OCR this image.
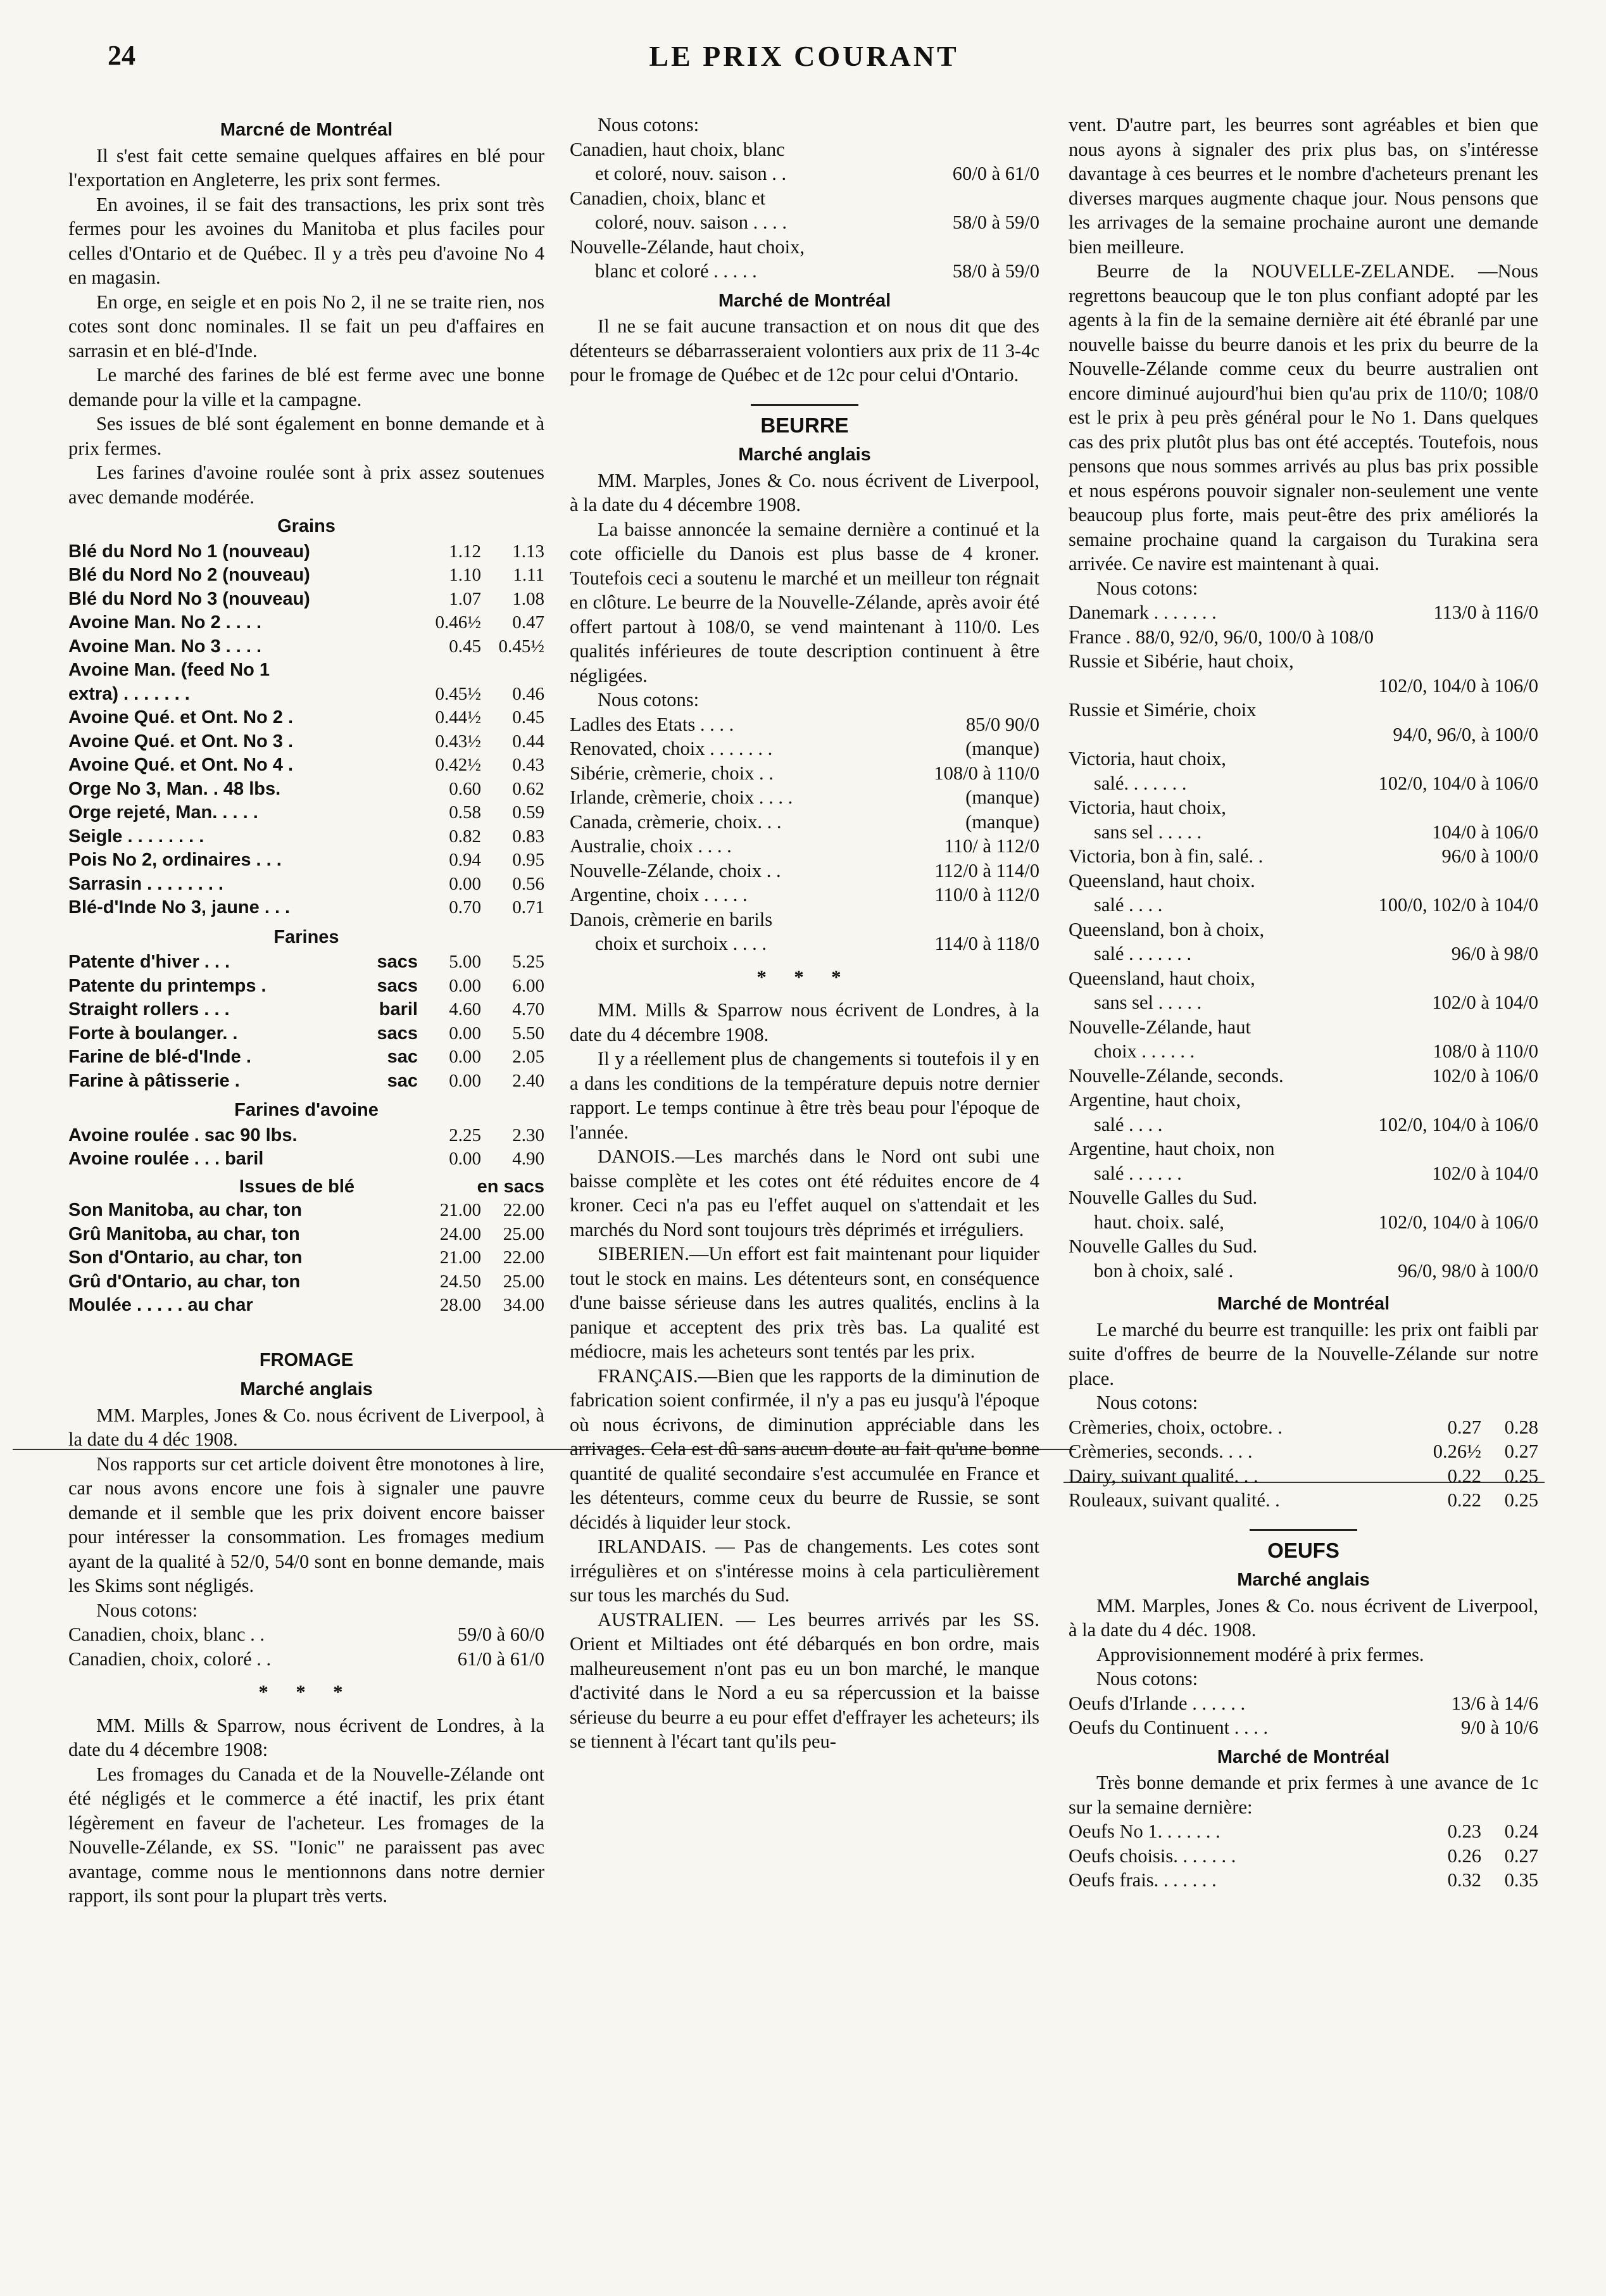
24	LE PRIX COURANT
Marcné de Montréal

Il s'est fait cette semaine quelques affaires en blé pour l'exportation en Angleterre, les prix sont fermes.

En avoines, il se fait des transactions, les prix sont très fermes pour les avoines du Manitoba et plus faciles pour celles d'Ontario et de Québec. Il y a très peu d'avoine No 4 en magasin.

En orge, en seigle et en pois No 2, il ne se traite rien, nos cotes sont donc nominales. Il se fait un peu d'affaires en sarrasin et en blé-d'Inde.

Le marché des farines de blé est ferme avec une bonne demande pour la ville et la campagne.

Ses issues de blé sont également en bonne demande et à prix fermes.

Les farines d'avoine roulée sont à prix assez soutenues avec demande modérée.

Grains
Blé du Nord No 1 (nouveau)	1.12	1.13
Blé du Nord No 2 (nouveau)	1.10	1.11
Blé du Nord No 3 (nouveau)	1.07	1.08
Avoine Man. No 2 . . . .	0.46½	0.47
Avoine Man. No 3 . . . .	0.45 0.45½
Avoine Man. (feed No 1
extra) . . . . . . .	0.45½	0.46
Avoine Qué. et Ont. No 2 .	0.44½	0.45
Avoine Qué. et Ont. No 3 .	0.43½	0.44
Avoine Qué. et Ont. No 4 .	0.42½	0.43
Orge No 3, Man. . 48 lbs.	0.60	0.62
Orge rejeté, Man. . . . .	0.58	0.59
Seigle . . . . . . . .	0.82	0.83
Pois No 2, ordinaires . . .	0.94	0.95
Sarrasin . . . . . . . .	0.00	0.56
Blé-d'Inde No 3, jaune . . .	0.70	0.71
Farines
Patente d'hiver . . .	sacs	5.00	5.25
Patente du printemps .	sacs	0.00	6.00
Straight rollers . . .	baril	4.60	4.70
Forte à boulanger. .	sacs	0.00	5.50
Farine de blé-d'Inde .	sac	0.00	2.05
Farine à pâtisserie .	sac	0.00	2.40
Farines d'avoine
Avoine roulée . sac 90 lbs.	2.25	2.30
Avoine roulée . . . baril	0.00	4.90
Issues de blé	en sacs
Son Manitoba, au char, ton	21.00	22.00
Grû Manitoba, au char, ton	24.00	25.00
Son d'Ontario, au char, ton	21.00	22.00
Grû d'Ontario, au char, ton	24.50	25.00
Moulée . . . . . au char	28.00	34.00
FROMAGE
Marché anglais

MM. Marples, Jones & Co. nous écrivent de Liverpool, à la date du 4 déc 1908.

Nos rapports sur cet article doivent être monotones à lire, car nous avons encore une fois à signaler une pauvre demande et il semble que les prix doivent encore baisser pour intéresser la consommation. Les fromages medium ayant de la qualité à 52/0, 54/0 sont en bonne demande, mais les Skims sont négligés.

Nous cotons:

Canadien, choix, blanc . .	59/0 à 60/0
Canadien, choix, coloré . .	61/0 à 61/0
* * *

MM. Mills & Sparrow, nous écrivent de Londres, à la date du 4 décembre 1908:

Les fromages du Canada et de la Nouvelle-Zélande ont été négligés et le commerce a été inactif, les prix étant légèrement en faveur de l'acheteur. Les fromages de la Nouvelle-Zélande, ex SS. "Ionic" ne paraissent pas avec avantage, comme nous le mentionnons dans notre dernier rapport, ils sont pour la plupart très verts.

Nous cotons:

Canadien, haut choix, blanc
et coloré, nouv. saison . .	60/0 à 61/0
Canadien, choix, blanc et
coloré, nouv. saison . . . .	58/0 à 59/0
Nouvelle-Zélande, haut choix,
blanc et coloré . . . . .	58/0 à 59/0
Marché de Montréal

Il ne se fait aucune transaction et on nous dit que des détenteurs se débarrasseraient volontiers aux prix de 11 3-4c pour le fromage de Québec et de 12c pour celui d'Ontario.

BEURRE
Marché anglais

MM. Marples, Jones & Co. nous écrivent de Liverpool, à la date du 4 décembre 1908.

La baisse annoncée la semaine dernière a continué et la cote officielle du Danois est plus basse de 4 kroner. Toutefois ceci a soutenu le marché et un meilleur ton régnait en clôture. Le beurre de la Nouvelle-Zélande, après avoir été offert partout à 108/0, se vend maintenant à 110/0. Les qualités inférieures de toute description continuent à être négligées.

Nous cotons:

Ladles des Etats . . . .	85/0 90/0
Renovated, choix . . . . . . .	(manque)
Sibérie, crèmerie, choix . .	108/0 à 110/0
Irlande, crèmerie, choix . . . .	(manque)
Canada, crèmerie, choix. . .	(manque)
Australie, choix . . . .	110/ à 112/0
Nouvelle-Zélande, choix . .	112/0 à 114/0
Argentine, choix . . . . .	110/0 à 112/0
Danois, crèmerie en barils
choix et surchoix . . . .	114/0 à 118/0
* * *

MM. Mills & Sparrow nous écrivent de Londres, à la date du 4 décembre 1908.

Il y a réellement plus de changements si toutefois il y en a dans les conditions de la température depuis notre dernier rapport. Le temps continue à être très beau pour l'époque de l'année.

DANOIS.—Les marchés dans le Nord ont subi une baisse complète et les cotes ont été réduites encore de 4 kroner. Ceci n'a pas eu l'effet auquel on s'attendait et les marchés du Nord sont toujours très déprimés et irréguliers.

SIBERIEN.—Un effort est fait maintenant pour liquider tout le stock en mains. Les détenteurs sont, en conséquence d'une baisse sérieuse dans les autres qualités, enclins à la panique et acceptent des prix très bas. La qualité est médiocre, mais les acheteurs sont tentés par les prix.

FRANÇAIS.—Bien que les rapports de la diminution de fabrication soient confirmée, il n'y a pas eu jusqu'à l'époque où nous écrivons, de diminution appréciable dans les arrivages. Cela est dû sans aucun doute au fait qu'une bonne quantité de qualité secondaire s'est accumulée en France et les détenteurs, comme ceux du beurre de Russie, se sont décidés à liquider leur stock.

IRLANDAIS. — Pas de changements. Les cotes sont irrégulières et on s'intéresse moins à cela particulièrement sur tous les marchés du Sud.

AUSTRALIEN. — Les beurres arrivés par les SS. Orient et Miltiades ont été débarqués en bon ordre, mais malheureusement n'ont pas eu un bon marché, le manque d'activité dans le Nord a eu sa répercussion et la baisse sérieuse du beurre a eu pour effet d'effrayer les acheteurs; ils se tiennent à l'écart tant qu'ils peu-

vent. D'autre part, les beurres sont agréables et bien que nous ayons à signaler des prix plus bas, on s'intéresse davantage à ces beurres et le nombre d'acheteurs prenant les diverses marques augmente chaque jour. Nous pensons que les arrivages de la semaine prochaine auront une demande bien meilleure.

Beurre de la NOUVELLE-ZELANDE. —Nous regrettons beaucoup que le ton plus confiant adopté par les agents à la fin de la semaine dernière ait été ébranlé par une nouvelle baisse du beurre danois et les prix du beurre de la Nouvelle-Zélande comme ceux du beurre australien ont encore diminué aujourd'hui bien qu'au prix de 110/0; 108/0 est le prix à peu près général pour le No 1. Dans quelques cas des prix plutôt plus bas ont été acceptés. Toutefois, nous pensons que nous sommes arrivés au plus bas prix possible et nous espérons pouvoir signaler non-seulement une vente beaucoup plus forte, mais peut-être des prix améliorés la semaine prochaine quand la cargaison du Turakina sera arrivée. Ce navire est maintenant à quai.

Nous cotons:

Danemark . . . . . . .	113/0 à 116/0
France . 88/0, 92/0, 96/0, 100/0 à 108/0
Russie et Sibérie, haut choix,
102/0, 104/0 à 106/0
Russie et Simérie, choix
94/0, 96/0, à 100/0
Victoria, haut choix,
salé. . . . . . .	102/0, 104/0 à 106/0
Victoria, haut choix,
sans sel . . . . .	104/0 à 106/0
Victoria, bon à fin, salé. .	96/0 à 100/0
Queensland, haut choix.
salé . . . .	100/0, 102/0 à 104/0
Queensland, bon à choix,
salé . . . . . . .	96/0 à 98/0
Queensland, haut choix,
sans sel . . . . .	102/0 à 104/0
Nouvelle-Zélande, haut
choix . . . . . .	108/0 à 110/0
Nouvelle-Zélande, seconds.	102/0 à 106/0
Argentine, haut choix,
salé . . . .	102/0, 104/0 à 106/0
Argentine, haut choix, non
salé . . . . . .	102/0 à 104/0
Nouvelle Galles du Sud.
haut. choix. salé,	102/0, 104/0 à 106/0
Nouvelle Galles du Sud.
bon à choix, salé .	96/0, 98/0 à 100/0
Marché de Montréal

Le marché du beurre est tranquille: les prix ont faibli par suite d'offres de beurre de la Nouvelle-Zélande sur notre place.

Nous cotons:

Crèmeries, choix, octobre. .	0.27	0.28
Crèmeries, seconds. . . .	0.26½	0.27
Dairy, suivant qualité. . .	0.22	0.25
Rouleaux, suivant qualité. .	0.22	0.25
OEUFS
Marché anglais

MM. Marples, Jones & Co. nous écrivent de Liverpool, à la date du 4 déc. 1908.

Approvisionnement modéré à prix fermes.

Nous cotons:

Oeufs d'Irlande . . . . . .	13/6 à 14/6
Oeufs du Continuent . . . .	9/0 à 10/6
Marché de Montréal

Très bonne demande et prix fermes à une avance de 1c sur la semaine dernière:

Oeufs No 1. . . . . . .	0.23	0.24
Oeufs choisis. . . . . . .	0.26	0.27
Oeufs frais. . . . . . .	0.32	0.35
